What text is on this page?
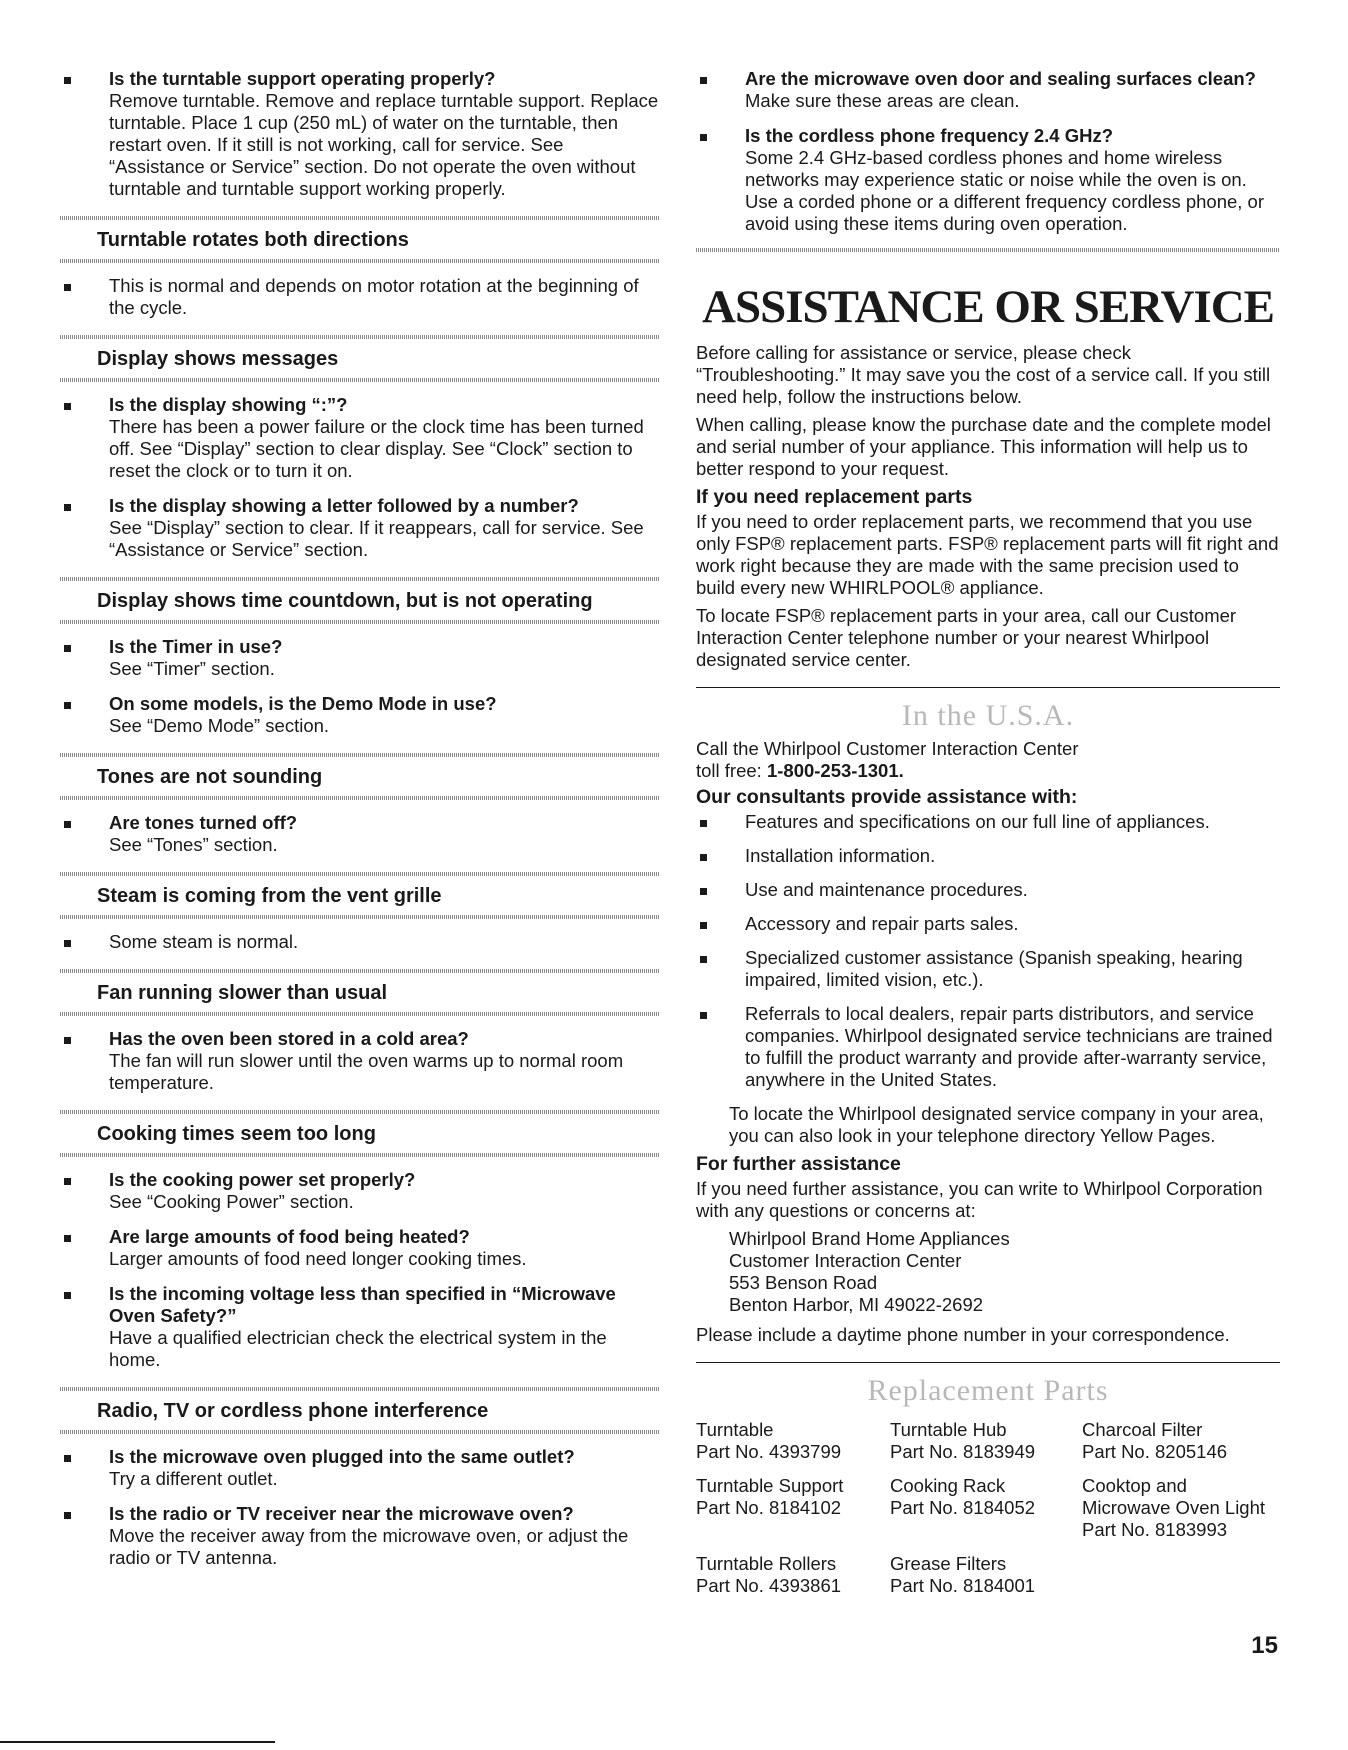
Is the turntable support operating properly?
Remove turntable. Remove and replace turntable support. Replace turntable. Place 1 cup (250 mL) of water on the turntable, then restart oven. If it still is not working, call for service. See “Assistance or Service” section. Do not operate the oven without turntable and turntable support working properly.
Turntable rotates both directions
This is normal and depends on motor rotation at the beginning of the cycle.
Display shows messages
Is the display showing “:”?
There has been a power failure or the clock time has been turned off. See “Display” section to clear display. See “Clock” section to reset the clock or to turn it on.
Is the display showing a letter followed by a number?
See “Display” section to clear. If it reappears, call for service. See “Assistance or Service” section.
Display shows time countdown, but is not operating
Is the Timer in use?
See “Timer” section.
On some models, is the Demo Mode in use?
See “Demo Mode” section.
Tones are not sounding
Are tones turned off?
See “Tones” section.
Steam is coming from the vent grille
Some steam is normal.
Fan running slower than usual
Has the oven been stored in a cold area?
The fan will run slower until the oven warms up to normal room temperature.
Cooking times seem too long
Is the cooking power set properly?
See “Cooking Power” section.
Are large amounts of food being heated?
Larger amounts of food need longer cooking times.
Is the incoming voltage less than specified in “Microwave Oven Safety?”
Have a qualified electrician check the electrical system in the home.
Radio, TV or cordless phone interference
Is the microwave oven plugged into the same outlet?
Try a different outlet.
Is the radio or TV receiver near the microwave oven?
Move the receiver away from the microwave oven, or adjust the radio or TV antenna.
Are the microwave oven door and sealing surfaces clean?
Make sure these areas are clean.
Is the cordless phone frequency 2.4 GHz?
Some 2.4 GHz-based cordless phones and home wireless networks may experience static or noise while the oven is on. Use a corded phone or a different frequency cordless phone, or avoid using these items during oven operation.
ASSISTANCE OR SERVICE

Before calling for assistance or service, please check “Troubleshooting.” It may save you the cost of a service call. If you still need help, follow the instructions below.

When calling, please know the purchase date and the complete model and serial number of your appliance. This information will help us to better respond to your request.

If you need replacement parts

If you need to order replacement parts, we recommend that you use only FSP® replacement parts. FSP® replacement parts will fit right and work right because they are made with the same precision used to build every new WHIRLPOOL® appliance.

To locate FSP® replacement parts in your area, call our Customer Interaction Center telephone number or your nearest Whirlpool designated service center.

In the U.S.A.

Call the Whirlpool Customer Interaction Center
toll free: 1-800-253-1301.

Our consultants provide assistance with:
Features and specifications on our full line of appliances.
Installation information.
Use and maintenance procedures.
Accessory and repair parts sales.
Specialized customer assistance (Spanish speaking, hearing impaired, limited vision, etc.).
Referrals to local dealers, repair parts distributors, and service companies. Whirlpool designated service technicians are trained to fulfill the product warranty and provide after-warranty service, anywhere in the United States.

To locate the Whirlpool designated service company in your area, you can also look in your telephone directory Yellow Pages.

For further assistance

If you need further assistance, you can write to Whirlpool Corporation with any questions or concerns at:

Whirlpool Brand Home Appliances
Customer Interaction Center
553 Benson Road
Benton Harbor, MI 49022-2692

Please include a daytime phone number in your correspondence.

Replacement Parts
Turntable
Part No. 4393799
Turntable Hub
Part No. 8183949
Charcoal Filter
Part No. 8205146
Turntable Support
Part No. 8184102
Cooking Rack
Part No. 8184052
Cooktop and Microwave Oven Light
Part No. 8183993
Turntable Rollers
Part No. 4393861
Grease Filters
Part No. 8184001
15
